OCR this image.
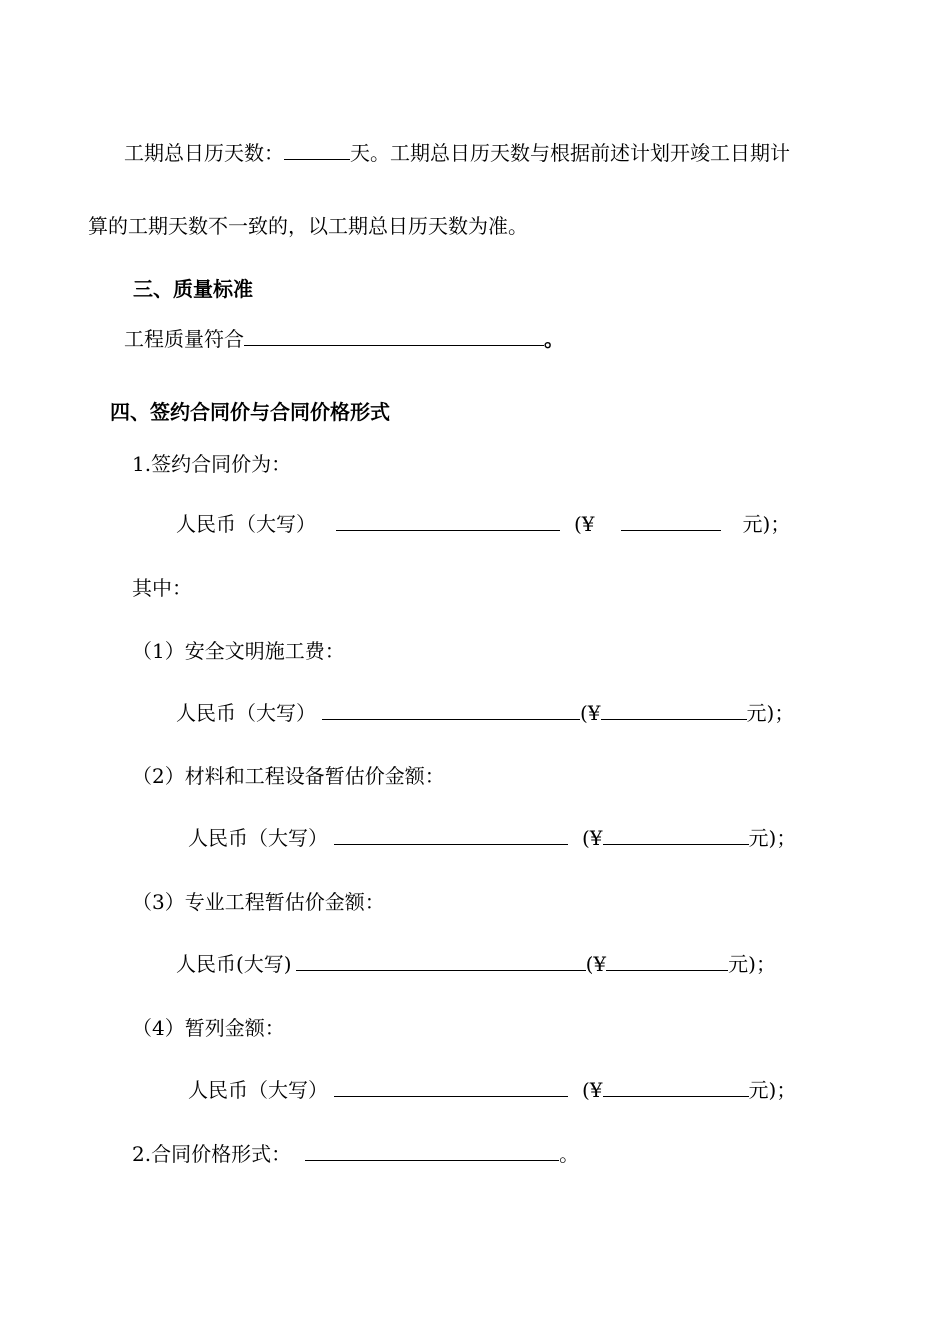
工期总日历天数：	天。工期总日历天数与根据前述计划开竣工日期计
算的工期天数不一致的，以工期总日历天数为准。
三、质量标准
工程质量符合	。
四、签约合同价与合同价格形式
1.签约合同价为：
人民币（大写）	(¥	元)；
其中：
（1）安全文明施工费：
人民币（大写）	(¥	元)；
（2）材料和工程设备暂估价金额：
人民币（大写）	(¥	元)；
（3）专业工程暂估价金额：
人民币(大写)	(¥	元)；
（4）暂列金额：
人民币（大写）	(¥	元)；
2.合同价格形式：	。
